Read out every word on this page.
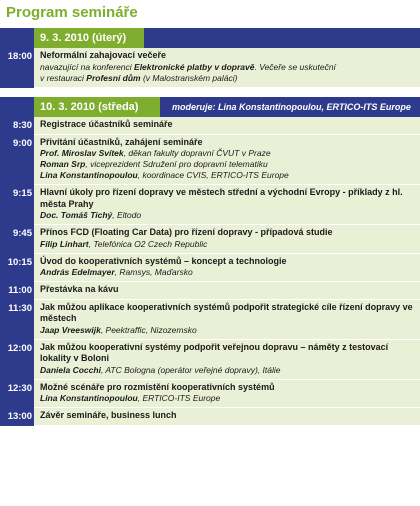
Program semináře
9. 3. 2010 (úterý)
18:00 Neformální zahajovací večeře
navazující na konferenci Elektronické platby v dopravě. Večeře se uskuteční
v restauraci Profesní dům (v Malostranském paláci)
10. 3. 2010 (středa)	moderuje: Lina Konstantinopoulou, ERTICO-ITS Europe
8:30 Registrace účastníků semináře
9:00 Přivítání účastníků, zahájení semináře
Prof. Miroslav Svítek, děkan fakulty dopravní ČVUT v Praze
Roman Srp, viceprezident Sdružení pro dopravní telematiku
Lina Konstantinopoulou, koordinace CVIS, ERTICO-ITS Europe
9:15 Hlavní úkoly pro řízení dopravy ve městech střední a východní Evropy - příklady z hl. města Prahy
Doc. Tomáš Tichý, Eltodo
9:45 Přínos FCD (Floating Car Data) pro řízení dopravy - případová studie
Filip Linhart, Telefónica O2 Czech Republic
10:15 Úvod do kooperativních systémů – koncept a technologie
András Edelmayer, Ramsys, Maďarsko
11:00 Přestávka na kávu
11:30 Jak můžou aplikace kooperativních systémů podpořit strategické cíle řízení dopravy ve městech
Jaap Vreeswijk, Peektraffic, Nizozemsko
12:00 Jak můžou kooperativní systémy podpořit veřejnou dopravu – náměty z testovací lokality v Boloni
Daniela Cocchi, ATC Bologna (operátor veřejné dopravy), Itálie
12:30 Možné scénáře pro rozmístění kooperativních systémů
Lina Konstantinopoulou, ERTICO-ITS Europe
13:00 Závěr semináře, business lunch
